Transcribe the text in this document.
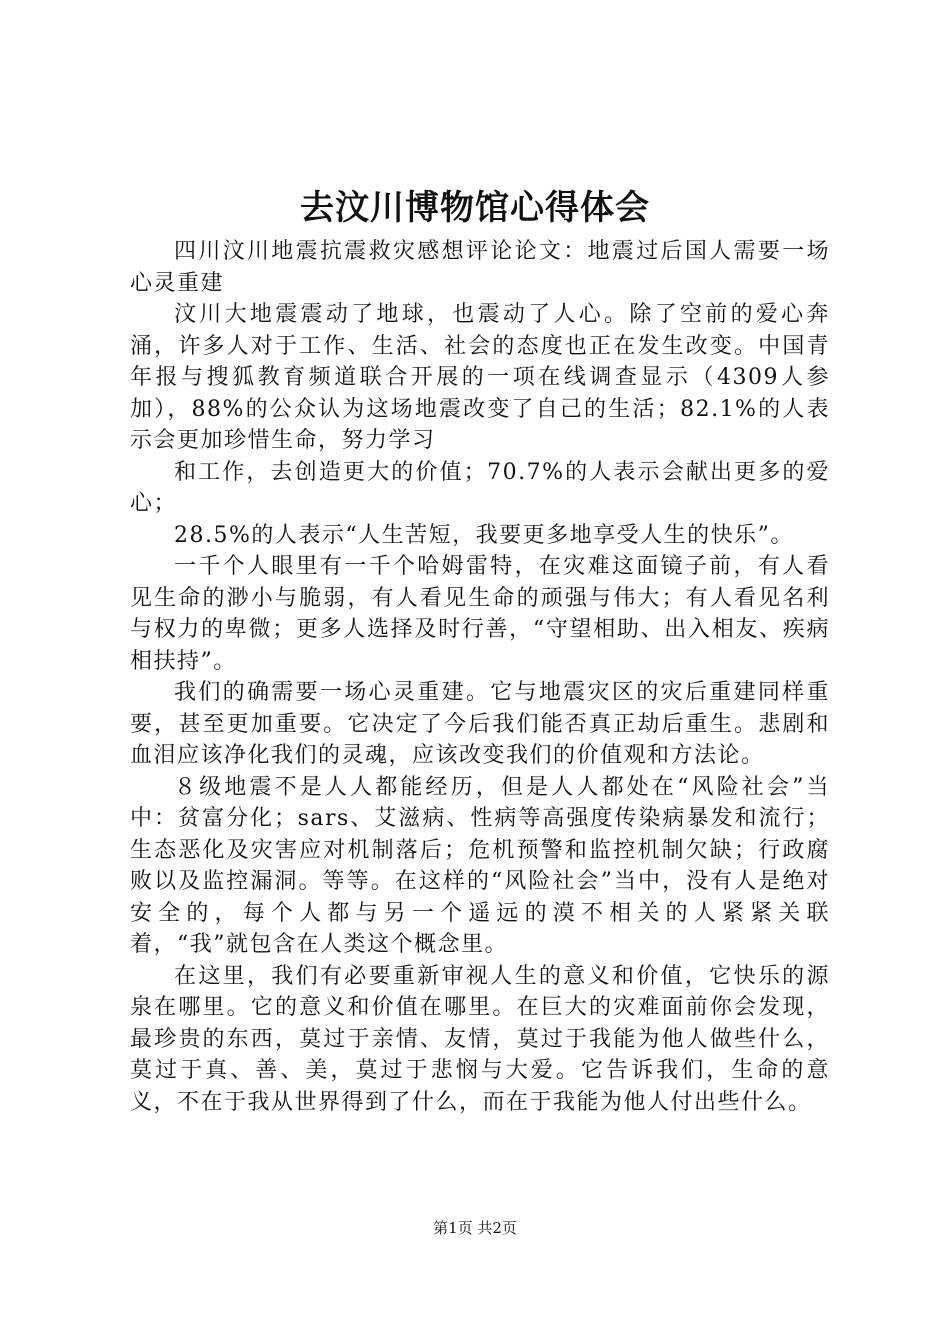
去汶川博物馆心得体会

四川汶川地震抗震救灾感想评论论文：地震过后国人需要一场心灵重建

汶川大地震震动了地球，也震动了人心。除了空前的爱心奔涌，许多人对于工作、生活、社会的态度也正在发生改变。中国青年报与搜狐教育频道联合开展的一项在线调查显示（4309人参加），88%的公众认为这场地震改变了自己的生活；82.1%的人表示会更加珍惜生命，努力学习

和工作，去创造更大的价值；70.7%的人表示会献出更多的爱心；

28.5%的人表示“人生苦短，我要更多地享受人生的快乐”。

一千个人眼里有一千个哈姆雷特，在灾难这面镜子前，有人看见生命的渺小与脆弱，有人看见生命的顽强与伟大；有人看见名利与权力的卑微；更多人选择及时行善，“守望相助、出入相友、疾病相扶持”。

我们的确需要一场心灵重建。它与地震灾区的灾后重建同样重要，甚至更加重要。它决定了今后我们能否真正劫后重生。悲剧和血泪应该净化我们的灵魂，应该改变我们的价值观和方法论。

８级地震不是人人都能经历，但是人人都处在“风险社会”当中：贫富分化；sars、艾滋病、性病等高强度传染病暴发和流行；生态恶化及灾害应对机制落后；危机预警和监控机制欠缺；行政腐败以及监控漏洞。等等。在这样的“风险社会”当中，没有人是绝对安全的，每个人都与另一个遥远的漠不相关的人紧紧关联着，“我”就包含在人类这个概念里。

在这里，我们有必要重新审视人生的意义和价值，它快乐的源泉在哪里。它的意义和价值在哪里。在巨大的灾难面前你会发现，最珍贵的东西，莫过于亲情、友情，莫过于我能为他人做些什么，莫过于真、善、美，莫过于悲悯与大爱。它告诉我们，生命的意义，不在于我从世界得到了什么，而在于我能为他人付出些什么。

第1页 共2页
